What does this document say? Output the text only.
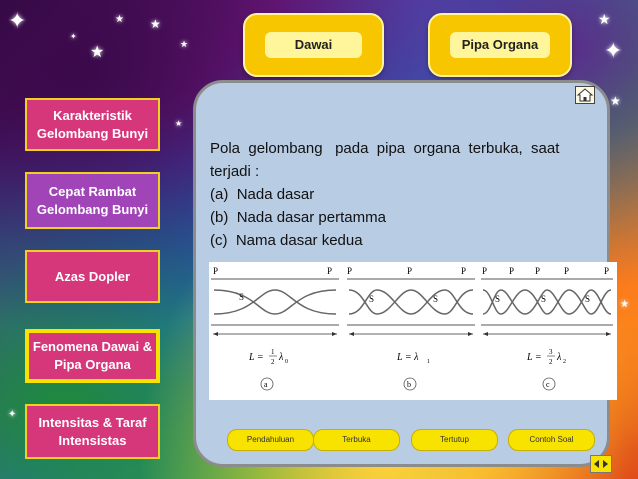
✦
★
★ ★
✦
★
★
✦
★
✦
★
★
Dawai	Pipa Organa
Karakteristik
Gelombang Bunyi
Cepat Rambat
Gelombang Bunyi
Azas Dopler
Fenomena Dawai &
Pipa Organa
Intensitas & Taraf
Intensistas
Pola  gelombang   pada  pipa  organa  terbuka,  saat
terjadi :
(a) Nada dasar
(b) Nada dasar pertamma
(c) Nama dasar kedua
P	P
S
L = 1
2 λ 0
a
P	P	P
S	S
L = λ 1
b
P P P	P	P
S	S	S
L = 3
2 λ 2
c
Pendahuluan	Terbuka	Tertutup	Contoh Soal
